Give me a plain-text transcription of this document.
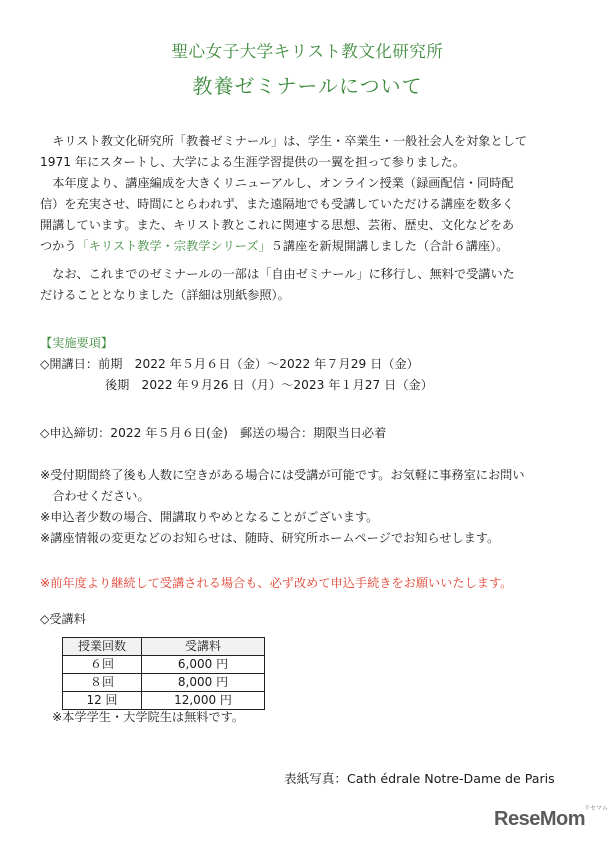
聖心女子大学キリスト教文化研究所
教養ゼミナールについて

キリスト教文化研究所「教養ゼミナール」は、学生・卒業生・一般社会人を対象として

1971 年にスタートし、大学による生涯学習提供の一翼を担って参りました。

本年度より、講座編成を大きくリニューアルし、オンライン授業（録画配信・同時配

信）を充実させ、時間にとらわれず、また遠隔地でも受講していただける講座を数多く

開講しています。また、キリスト教とこれに関連する思想、芸術、歴史、文化などをあ

つかう「キリスト教学・宗教学シリーズ」５講座を新規開講しました（合計６講座）。

なお、これまでのゼミナールの一部は「自由ゼミナール」に移行し、無料で受講いた

だけることとなりました（詳細は別紙参照）。

【実施要項】

◇開講日：前期　2022 年５月６日（金）～2022 年７月29 日（金）

後期　2022 年９月26 日（月）～2023 年１月27 日（金）

◇申込締切：2022 年５月６日(金)　郵送の場合：期限当日必着

※受付期間終了後も人数に空きがある場合には受講が可能です。お気軽に事務室にお問い

合わせください。

※申込者少数の場合、開講取りやめとなることがございます。

※講座情報の変更などのお知らせは、随時、研究所ホームページでお知らせします。

※前年度より継続して受講される場合も、必ず改めて申込手続きをお願いいたします。

◇受講料

授業回数	受講料
６回	6,000 円
８回	8,000 円
12 回	12,000 円

※本学学生・大学院生は無料です。

表紙写真：Cath édrale Notre-Dame de Paris
リセマム
ReseMom
